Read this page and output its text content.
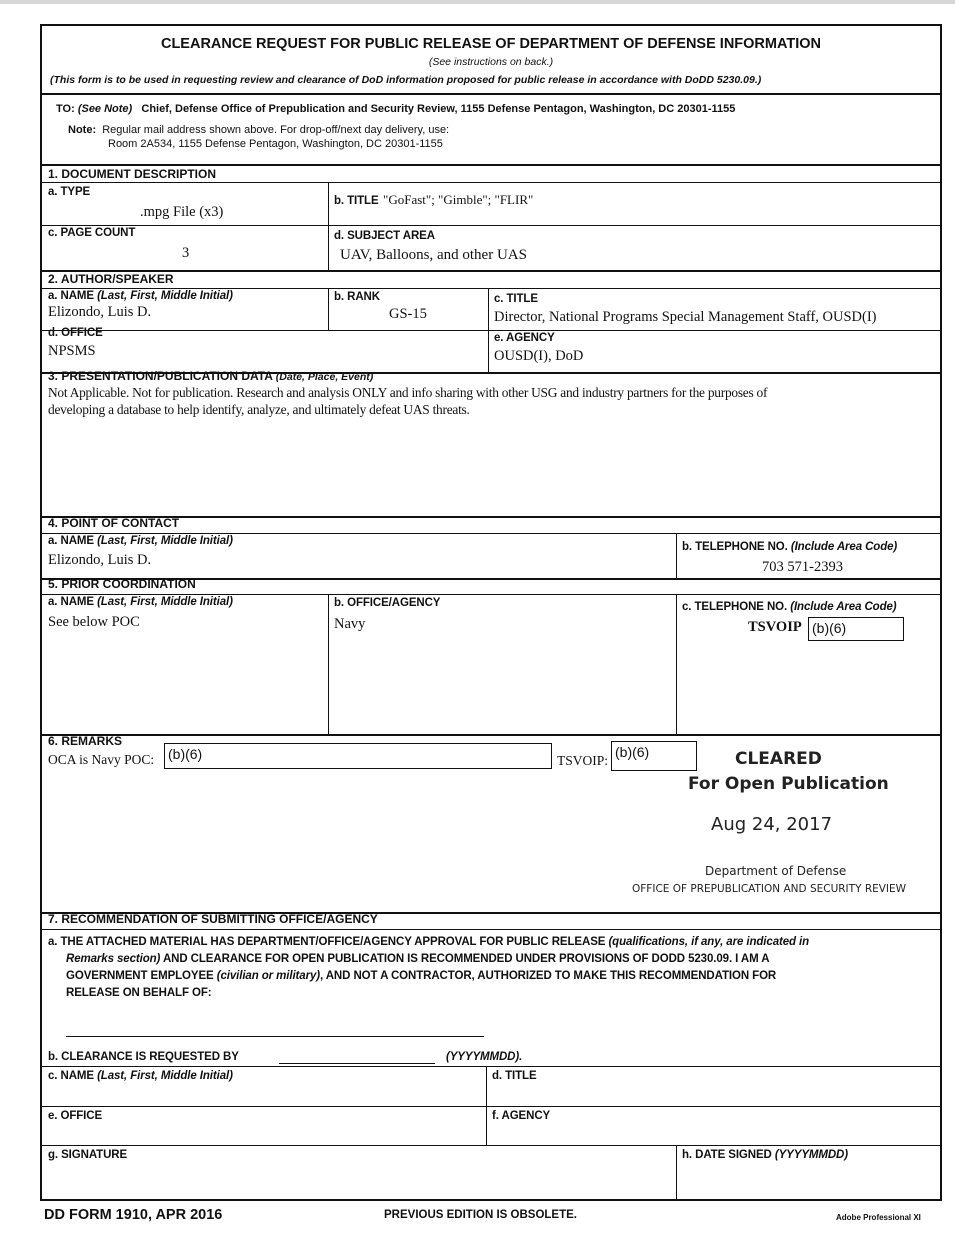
CLEARANCE REQUEST FOR PUBLIC RELEASE OF DEPARTMENT OF DEFENSE INFORMATION
(See instructions on back.)
(This form is to be used in requesting review and clearance of DoD information proposed for public release in accordance with DoDD 5230.09.)
TO: (See Note) Chief, Defense Office of Prepublication and Security Review, 1155 Defense Pentagon, Washington, DC 20301-1155
Note: Regular mail address shown above. For drop-off/next day delivery, use:
Room 2A534, 1155 Defense Pentagon, Washington, DC 20301-1155
1. DOCUMENT DESCRIPTION
a. TYPE
.mpg File (x3)
b. TITLE "GoFast"; "Gimble"; "FLIR"
c. PAGE COUNT
3
d. SUBJECT AREA
UAV, Balloons, and other UAS
2. AUTHOR/SPEAKER
a. NAME (Last, First, Middle Initial)
Elizondo, Luis D.
b. RANK
GS-15
c. TITLE
Director, National Programs Special Management Staff, OUSD(I)
d. OFFICE
NPSMS
e. AGENCY
OUSD(I), DoD
3. PRESENTATION/PUBLICATION DATA (Date, Place, Event)
Not Applicable. Not for publication. Research and analysis ONLY and info sharing with other USG and industry partners for the purposes of
developing a database to help identify, analyze, and ultimately defeat UAS threats.
4. POINT OF CONTACT
a. NAME (Last, First, Middle Initial)
Elizondo, Luis D.
b. TELEPHONE NO. (Include Area Code)
703 571-2393
5. PRIOR COORDINATION
a. NAME (Last, First, Middle Initial)
See below POC
b. OFFICE/AGENCY
Navy
c. TELEPHONE NO. (Include Area Code)
TSVOIP (b)(6)
6. REMARKS
OCA is Navy POC: (b)(6)	TSVOIP:
(b)(6)	CLEARED
For Open Publication
Aug 24, 2017
Department of Defense
OFFICE OF PREPUBLICATION AND SECURITY REVIEW
7. RECOMMENDATION OF SUBMITTING OFFICE/AGENCY
a. THE ATTACHED MATERIAL HAS DEPARTMENT/OFFICE/AGENCY APPROVAL FOR PUBLIC RELEASE (qualifications, if any, are indicated in
Remarks section) AND CLEARANCE FOR OPEN PUBLICATION IS RECOMMENDED UNDER PROVISIONS OF DODD 5230.09. I AM A
GOVERNMENT EMPLOYEE (civilian or military), AND NOT A CONTRACTOR, AUTHORIZED TO MAKE THIS RECOMMENDATION FOR
RELEASE ON BEHALF OF:
b. CLEARANCE IS REQUESTED BY	(YYYYMMDD).
c. NAME (Last, First, Middle Initial)	d. TITLE
e. OFFICE	f. AGENCY
g. SIGNATURE	h. DATE SIGNED (YYYYMMDD)
DD FORM 1910, APR 2016	PREVIOUS EDITION IS OBSOLETE.	Adobe Professional XI
